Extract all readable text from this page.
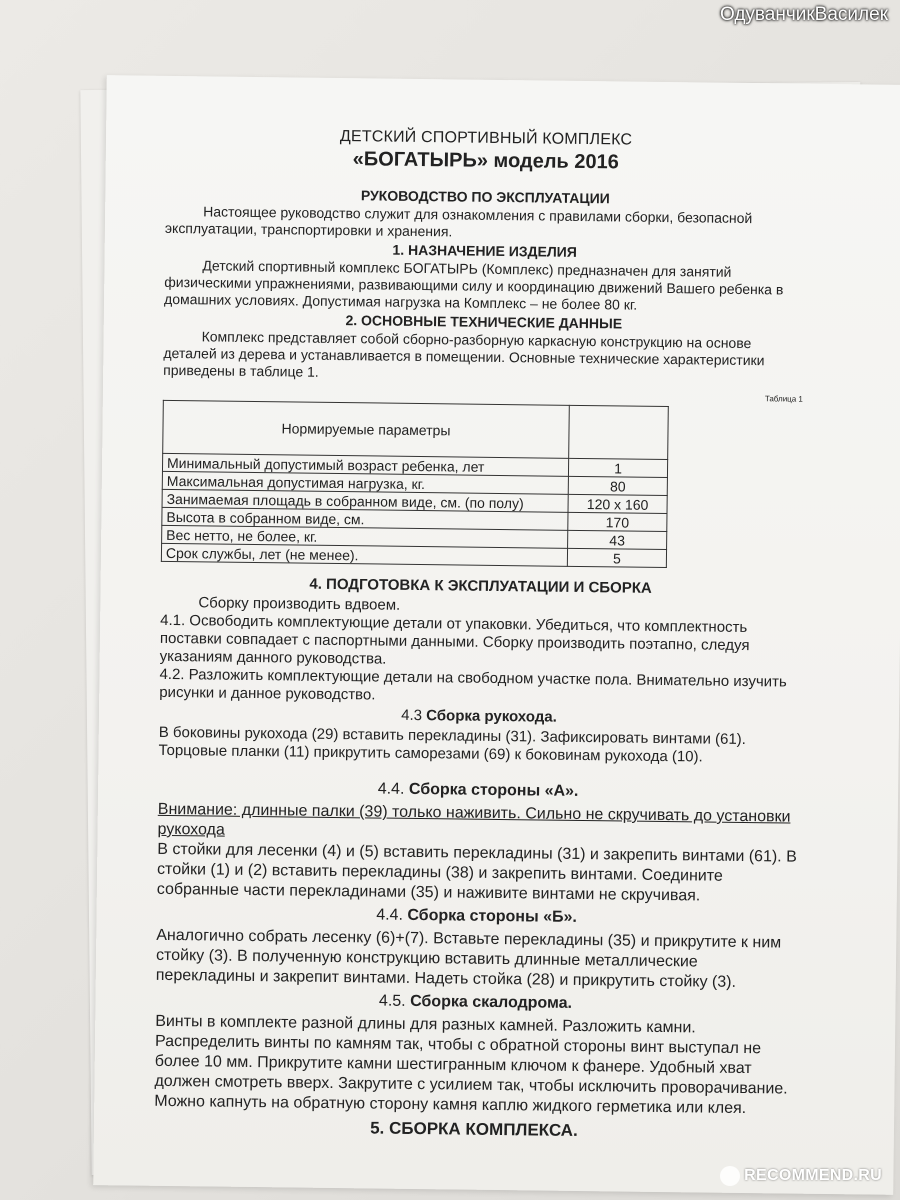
ОдуванчикВасилек
ДЕТСКИЙ СПОРТИВНЫЙ КОМПЛЕКС
«БОГАТЫРЬ» модель 2016
РУКОВОДСТВО ПО ЭКСПЛУАТАЦИИ

Настоящее руководство служит для ознакомления с правилами сборки, безопасной эксплуатации, транспортировки и хранения.

1. НАЗНАЧЕНИЕ ИЗДЕЛИЯ

Детский спортивный комплекс БОГАТЫРЬ (Комплекс) предназначен для занятий физическими упражнениями, развивающими силу и координацию движений Вашего ребенка в домашних условиях. Допустимая нагрузка на Комплекс – не более 80 кг.

2. ОСНОВНЫЕ ТЕХНИЧЕСКИЕ ДАННЫЕ

Комплекс представляет собой сборно-разборную каркасную конструкцию на основе деталей из дерева и устанавливается в помещении. Основные технические характеристики приведены в таблице 1.

Таблица 1
Нормируемые параметры	
Минимальный допустимый возраст ребенка, лет	1
Максимальная допустимая нагрузка, кг.	80
Занимаемая площадь в собранном виде, см. (по полу)	120 х 160
Высота в собранном виде, см.	170
Вес нетто, не более, кг.	43
Срок службы, лет (не менее).	5
4. ПОДГОТОВКА К ЭКСПЛУАТАЦИИ И СБОРКА

Сборку производить вдвоем.

4.1. Освободить комплектующие детали от упаковки. Убедиться, что комплектность поставки совпадает с паспортными данными. Сборку производить поэтапно, следуя указаниям данного руководства.

4.2. Разложить комплектующие детали на свободном участке пола. Внимательно изучить рисунки и данное руководство.

4.3 Сборка рукохода.

В боковины рукохода (29) вставить перекладины (31). Зафиксировать винтами (61). Торцовые планки (11) прикрутить саморезами (69) к боковинам рукохода (10).

4.4. Сборка стороны «А».

Внимание: длинные палки (39) только наживить. Сильно не скручивать до установки рукохода

В стойки для лесенки (4) и (5) вставить перекладины (31) и закрепить винтами (61). В стойки (1) и (2) вставить перекладины (38) и закрепить винтами. Соедините собранные части перекладинами (35) и наживите винтами не скручивая.

4.4. Сборка стороны «Б».

Аналогично собрать лесенку (6)+(7). Вставьте перекладины (35) и прикрутите к ним стойку (3). В полученную конструкцию вставить длинные металлические перекладины и закрепит винтами. Надеть стойка (28) и прикрутить стойку (3).

4.5. Сборка скалодрома.

Винты в комплекте разной длины для разных камней. Разложить камни. Распределить винты по камням так, чтобы с обратной стороны винт выступал не более 10 мм. Прикрутите камни шестигранным ключом к фанере. Удобный хват должен смотреть вверх. Закрутите с усилием так, чтобы исключить проворачивание. Можно капнуть на обратную сторону камня каплю жидкого герметика или клея.

5. СБОРКА КОМПЛЕКСА.
RECOMMEND.RU
